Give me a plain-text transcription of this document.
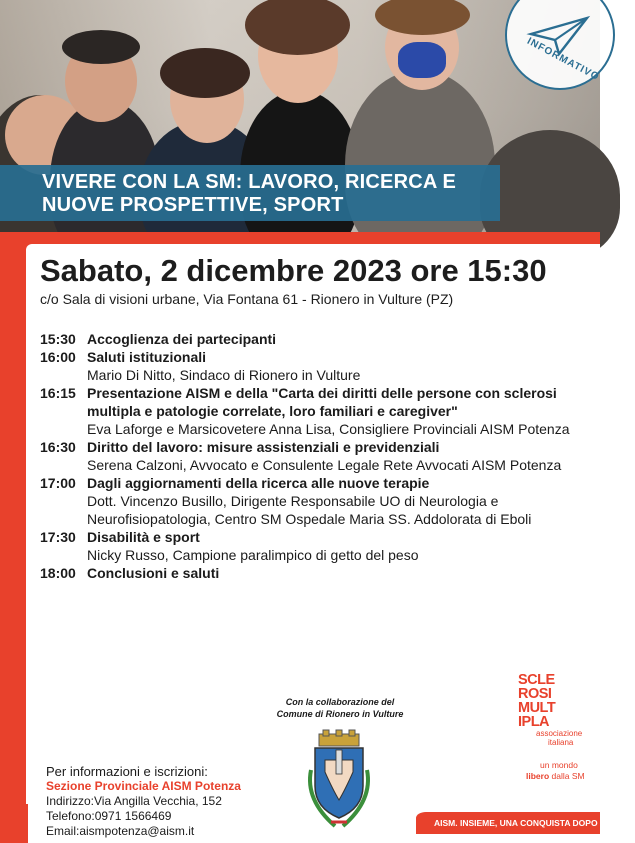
INFORMATIVO
VIVERE CON LA SM: LAVORO, RICERCA E
NUOVE PROSPETTIVE, SPORT
Sabato, 2 dicembre 2023 ore 15:30
c/o Sala di visioni urbane, Via Fontana 61 - Rionero in Vulture (PZ)
15:30 Accoglienza dei partecipanti
16:00 Saluti istituzionali
Mario Di Nitto, Sindaco di Rionero in Vulture
16:15 Presentazione AISM e della "Carta dei diritti delle persone con sclerosi multipla e patologie correlate, loro familiari e caregiver"
Eva Laforge e Marsicovetere Anna Lisa, Consigliere Provinciali AISM Potenza
16:30 Diritto del lavoro: misure assistenziali e previdenziali
Serena Calzoni, Avvocato e Consulente Legale Rete Avvocati AISM Potenza
17:00 Dagli aggiornamenti della ricerca alle nuove terapie
Dott. Vincenzo Busillo, Dirigente Responsabile UO di Neurologia e Neurofisiopatologia, Centro SM Ospedale Maria SS. Addolorata di Eboli
17:30 Disabilità e sport
Nicky Russo, Campione paralimpico di getto del peso
18:00 Conclusioni e saluti
Con la collaborazione del
Comune di Rionero in Vulture
Per informazioni e iscrizioni:
Sezione Provinciale AISM Potenza
Indirizzo:Via Angilla Vecchia, 152
Telefono:0971 1566469
Email:aismpotenza@aism.it
SCLE
ROSI
MULT
IPLA
associazione
italiana
un mondo
libero dalla SM
AISM. INSIEME, UNA CONQUISTA DOPO L'ALTRA
